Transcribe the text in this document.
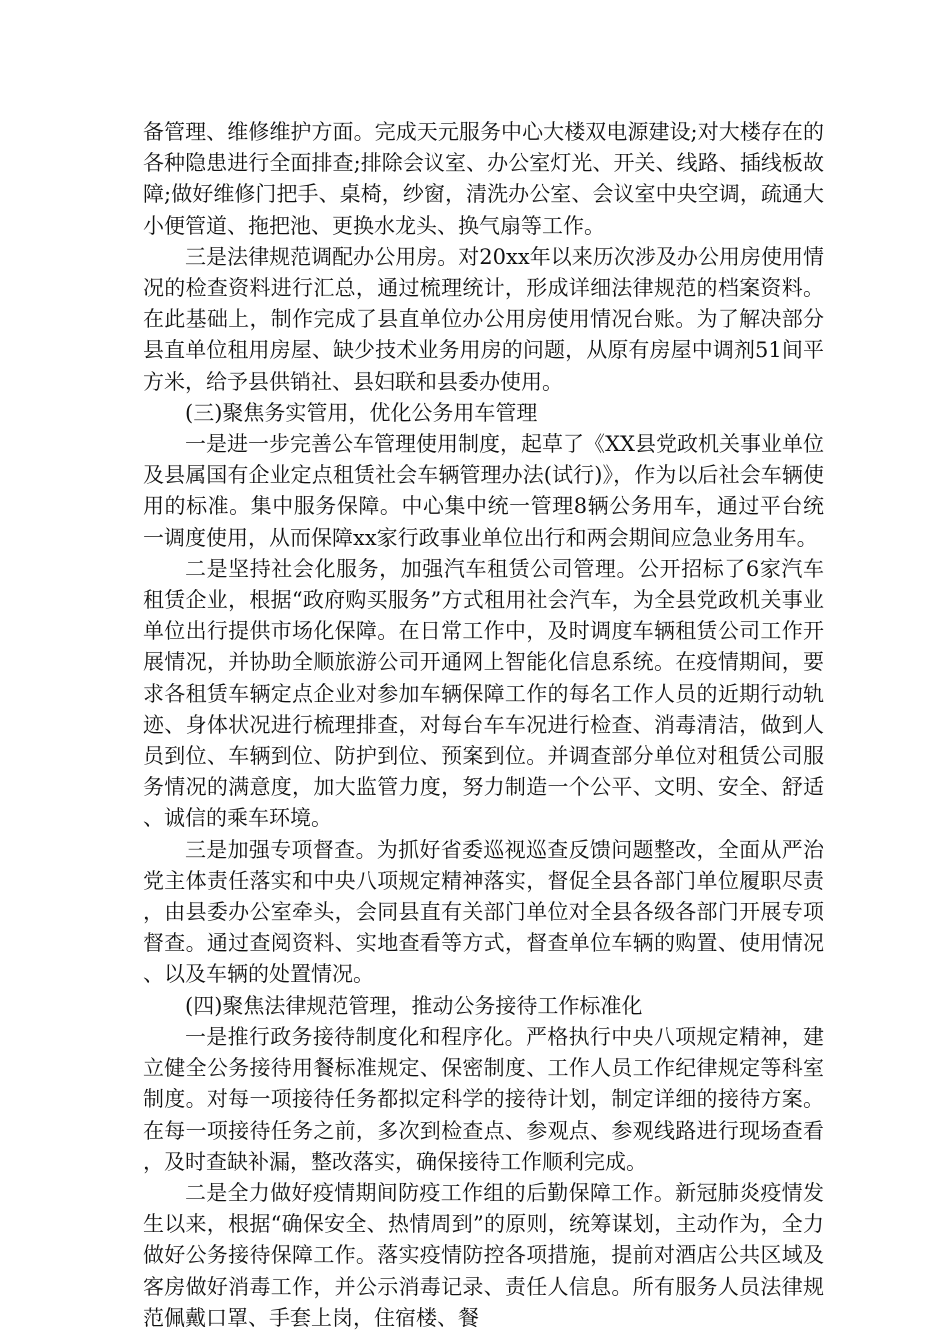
备管理、维修维护方面。完成天元服务中心大楼双电源建设;对大楼存在的各种隐患进行全面排查;排除会议室、办公室灯光、开关、线路、插线板故障;做好维修门把手、桌椅，纱窗，清洗办公室、会议室中央空调，疏通大小便管道、拖把池、更换水龙头、换气扇等工作。

三是法律规范调配办公用房。对20xx年以来历次涉及办公用房使用情况的检查资料进行汇总，通过梳理统计，形成详细法律规范的档案资料。在此基础上，制作完成了县直单位办公用房使用情况台账。为了解决部分县直单位租用房屋、缺少技术业务用房的问题，从原有房屋中调剂51间平方米，给予县供销社、县妇联和县委办使用。

(三)聚焦务实管用，优化公务用车管理

一是进一步完善公车管理使用制度，起草了《XX县党政机关事业单位及县属国有企业定点租赁社会车辆管理办法(试行)》，作为以后社会车辆使用的标准。集中服务保障。中心集中统一管理8辆公务用车，通过平台统一调度使用，从而保障xx家行政事业单位出行和两会期间应急业务用车。

二是坚持社会化服务，加强汽车租赁公司管理。公开招标了6家汽车租赁企业，根据“政府购买服务”方式租用社会汽车，为全县党政机关事业单位出行提供市场化保障。在日常工作中，及时调度车辆租赁公司工作开展情况，并协助全顺旅游公司开通网上智能化信息系统。在疫情期间，要求各租赁车辆定点企业对参加车辆保障工作的每名工作人员的近期行动轨迹、身体状况进行梳理排查，对每台车车况进行检查、消毒清洁，做到人员到位、车辆到位、防护到位、预案到位。并调查部分单位对租赁公司服务情况的满意度，加大监管力度，努力制造一个公平、文明、安全、舒适、诚信的乘车环境。

三是加强专项督查。为抓好省委巡视巡查反馈问题整改，全面从严治党主体责任落实和中央八项规定精神落实，督促全县各部门单位履职尽责，由县委办公室牵头，会同县直有关部门单位对全县各级各部门开展专项督查。通过查阅资料、实地查看等方式，督查单位车辆的购置、使用情况、以及车辆的处置情况。

(四)聚焦法律规范管理，推动公务接待工作标准化

一是推行政务接待制度化和程序化。严格执行中央八项规定精神，建立健全公务接待用餐标准规定、保密制度、工作人员工作纪律规定等科室制度。对每一项接待任务都拟定科学的接待计划，制定详细的接待方案。在每一项接待任务之前，多次到检查点、参观点、参观线路进行现场查看，及时查缺补漏，整改落实，确保接待工作顺利完成。

二是全力做好疫情期间防疫工作组的后勤保障工作。新冠肺炎疫情发生以来，根据“确保安全、热情周到”的原则，统筹谋划，主动作为，全力做好公务接待保障工作。落实疫情防控各项措施，提前对酒店公共区域及客房做好消毒工作，并公示消毒记录、责任人信息。所有服务人员法律规范佩戴口罩、手套上岗，住宿楼、餐
